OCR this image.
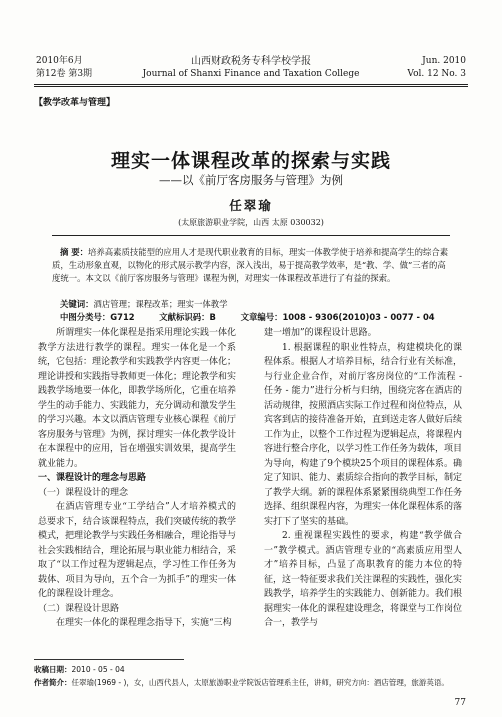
2010年6月
第12卷 第3期
山西财政税务专科学校学报
Journal of Shanxi Finance and Taxation College
Jun. 2010
Vol. 12 No. 3
【教学改革与管理】
理实一体课程改革的探索与实践
——以《前厅客房服务与管理》为例
任翠瑜
(太原旅游职业学院，山西 太原 030032)
摘 要：培养高素质技能型的应用人才是现代职业教育的目标，理实一体教学使于培养和提高学生的综合素质，生动形象直观，以物化的形式展示教学内容，深入浅出，易于提高教学效率，是“教、学、做”三者的高度统一。本文以《前厅客房服务与管理》课程为例，对理实一体课程改革进行了有益的探索。
关键词：酒店管理；课程改革；理实一体教学
中图分类号：G712	文献标识码：B	文章编号：1008 - 9306(2010)03 - 0077 - 04

所谓理实一体化课程是指采用理论实践一体化教学方法进行教学的课程。理实一体化是一个系统，它包括：理论教学和实践教学内容更一体化；理论讲授和实践指导教师更一体化；理论教学和实践教学场地要一体化，即教学场所化，它重在培养学生的动手能力、实践能力，充分调动和激发学生的学习兴趣。本文以酒店管理专业核心课程《前厅客房服务与管理》为例，探讨理实一体化教学设计在本课程中的应用，旨在增强实训效果，提高学生就业能力。

一、课程设计的理念与思路

（一）课程设计的理念

在酒店管理专业“工学结合”人才培养模式的总要求下，结合该课程特点，我们突破传统的教学模式，把理论教学与实践任务相融合，理论指导与社会实践相结合，理论拓展与职业能力相结合，采取了“以工作过程为逻辑起点，学习性工作任务为载体、项目为导向，五个合一为抓手”的理实一体化的课程设计理念。

（二）课程设计思路

在理实一体化的课程理念指导下，实施“三构

建一增加”的课程设计思路。

1. 根据课程的职业性特点，构建模块化的课程体系。根据人才培养目标，结合行业有关标准，与行业企业合作，对前厅客房岗位的“工作流程 - 任务 - 能力”进行分析与归纳，围绕完客在酒店的活动规律，按照酒店实际工作过程和岗位特点，从宾客到店的接待准备开始，直到送走客人做好后续工作为止，以整个工作过程为逻辑起点，将课程内容进行整合序化，以学习性工作任务为载体，项目为导向，构建了9个模块25个项目的课程体系。确定了知识、能力、素质综合指向的教学目标，制定了教学大纲。新的课程体系紧紧围绕典型工作任务选择、组织课程内容，为理实一体化课程体系的落实打下了坚实的基础。

2. 重视课程实践性的要求，构建“教学做合一”教学模式。酒店管理专业的“高素质应用型人才”培养目标，凸显了高职教育的能力本位的特征，这一特征要求我们关注课程的实践性，强化实践教学，培养学生的实践能力、创新能力。我们根据理实一体化的课程建设理念，将课堂与工作岗位合一，教学与

收稿日期：2010 - 05 - 04
作者简介：任翠瑜(1969 - )，女，山西代县人，太原旅游职业学院饭店管理系主任，讲师，研究方向：酒店管理，旅游英语。
77
